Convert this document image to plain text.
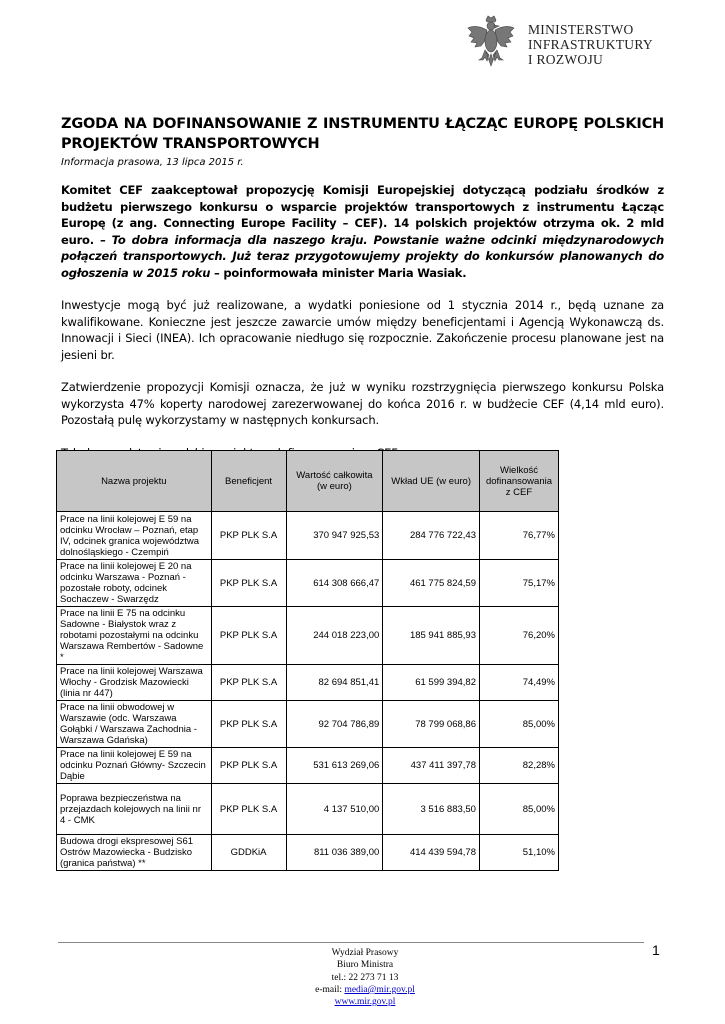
MINISTERSTWO
INFRASTRUKTURY
I ROZWOJU
ZGODA NA DOFINANSOWANIE Z INSTRUMENTU ŁĄCZĄC EUROPĘ POLSKICH PROJEKTÓW TRANSPORTOWYCH
Informacja prasowa, 13 lipca 2015 r.

Komitet CEF zaakceptował propozycję Komisji Europejskiej dotyczącą podziału środków z budżetu pierwszego konkursu o wsparcie projektów transportowych z instrumentu Łącząc Europę (z ang. Connecting Europe Facility – CEF). 14 polskich projektów otrzyma ok. 2 mld euro. – To dobra informacja dla naszego kraju. Powstanie ważne odcinki międzynarodowych połączeń transportowych. Już teraz przygotowujemy projekty do konkursów planowanych do ogłoszenia w 2015 roku – poinformowała minister Maria Wasiak.

Inwestycje mogą być już realizowane, a wydatki poniesione od 1 stycznia 2014 r., będą uznane za kwalifikowane. Konieczne jest jeszcze zawarcie umów między beneficjentami i Agencją Wykonawczą ds. Innowacji i Sieci (INEA). Ich opracowanie niedługo się rozpocznie. Zakończenie procesu planowane jest na jesieni br.

Zatwierdzenie propozycji Komisji oznacza, że już w wyniku rozstrzygnięcia pierwszego konkursu Polska wykorzysta 47% koperty narodowej zarezerwowanej do końca 2016 r. w budżecie CEF (4,14 mld euro). Pozostałą pulę wykorzystamy w następnych konkursach.

Nazwa projektu	Beneficjent	Wartość całkowita (w euro)	Wkład UE (w euro)	Wielkość dofinansowania z CEF
Prace na linii kolejowej E 59 na odcinku Wrocław – Poznań, etap IV, odcinek granica województwa dolnośląskiego - Czempiń	PKP PLK S.A	370 947 925,53	284 776 722,43	76,77%
Prace na linii kolejowej E 20 na odcinku Warszawa - Poznań - pozostałe roboty, odcinek Sochaczew - Swarzędz	PKP PLK S.A	614 308 666,47	461 775 824,59	75,17%
Prace na linii E 75 na odcinku Sadowne - Białystok wraz z robotami pozostałymi na odcinku Warszawa Rembertów - Sadowne *	PKP PLK S.A	244 018 223,00	185 941 885,93	76,20%
Prace na linii kolejowej Warszawa Włochy - Grodzisk Mazowiecki (linia nr 447)	PKP PLK S.A	82 694 851,41	61 599 394,82	74,49%
Prace na linii obwodowej w Warszawie (odc. Warszawa Gołąbki / Warszawa Zachodnia - Warszawa Gdańska)	PKP PLK S.A	92 704 786,89	78 799 068,86	85,00%
Prace na linii kolejowej E 59 na odcinku Poznań Główny- Szczecin Dąbie	PKP PLK S.A	531 613 269,06	437 411 397,78	82,28%
Poprawa bezpieczeństwa na przejazdach kolejowych na linii nr 4 - CMK	PKP PLK S.A	4 137 510,00	3 516 883,50	85,00%
Budowa drogi ekspresowej S61 Ostrów Mazowiecka - Budzisko (granica państwa) **	GDDKiA	811 036 389,00	414 439 594,78	51,10%
Wydział Prasowy
Biuro Ministra
tel.: 22 273 71 13
e-mail: media@mir.gov.pl
www.mir.gov.pl
1
